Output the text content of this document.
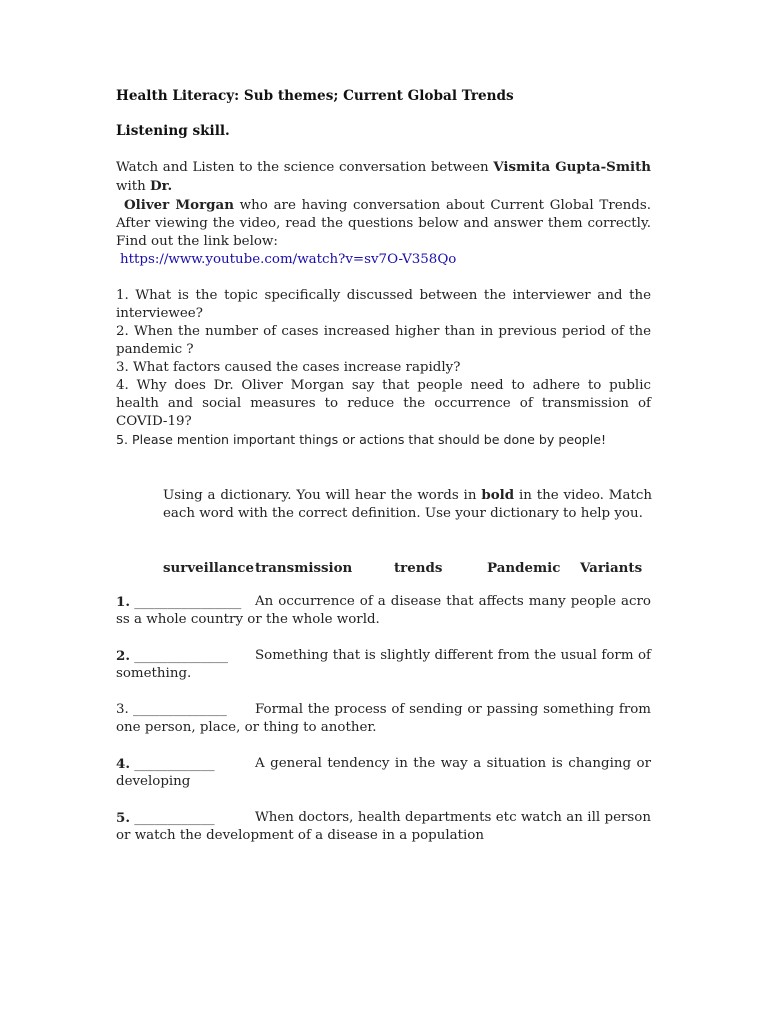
Health Literacy: Sub themes; Current Global Trends
Listening skill.

Watch and Listen to the science conversation between Vismita Gupta-Smith with Dr.
Oliver Morgan who are having conversation about Current Global Trends. After viewing the video, read the questions below and answer them correctly. Find out the link below:

https://www.youtube.com/watch?v=sv7O-V358Qo

1. What is the topic specifically discussed between the interviewer and the interviewee?

2. When the number of cases increased higher than in previous period of the pandemic ?

3. What factors caused the cases increase rapidly?

4. Why does Dr. Oliver Morgan say that people need to adhere to public health and social measures to reduce the occurrence of transmission of COVID-19?

5. Please mention important things or actions that should be done by people!

Using a dictionary. You will hear the words in bold in the video. Match each word with the correct definition. Use your dictionary to help you.

surveillance transmission	trends	Pandemic Variants
1. ________________	An occurrence of a disease that affects many people across a whole country or the whole world.
2. ______________	Something that is slightly different from the usual form of something.
3. ______________	Formal the process of sending or passing something from one person, place, or thing to another.
4. ____________	A general tendency in the way a situation is changing or developing
5. ____________	When doctors, health departments etc watch an ill person or watch the development of a disease in a population
